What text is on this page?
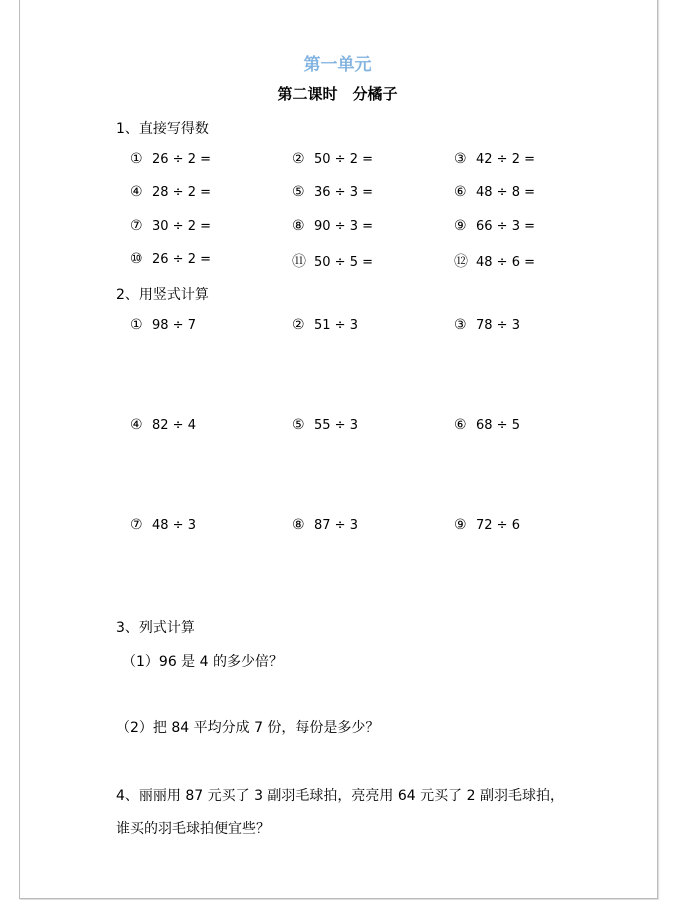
第一单元
第二课时　分橘子
1、直接写得数
① 26 ÷ 2 =	② 50 ÷ 2 =	③ 42 ÷ 2 =
④ 28 ÷ 2 =	⑤ 36 ÷ 3 =	⑥ 48 ÷ 8 =
⑦ 30 ÷ 2 =	⑧ 90 ÷ 3 =	⑨ 66 ÷ 3 =
⑩ 26 ÷ 2 =	⑪ 50 ÷ 5 =	⑫ 48 ÷ 6 =
2、用竖式计算
① 98 ÷ 7	② 51 ÷ 3	③ 78 ÷ 3
④ 82 ÷ 4	⑤ 55 ÷ 3	⑥ 68 ÷ 5
⑦ 48 ÷ 3	⑧ 87 ÷ 3	⑨ 72 ÷ 6
3、列式计算
（1）96 是 4 的多少倍？
（2）把 84 平均分成 7 份，每份是多少？
4、丽丽用 87 元买了 3 副羽毛球拍，亮亮用 64 元买了 2 副羽毛球拍，
谁买的羽毛球拍便宜些？
